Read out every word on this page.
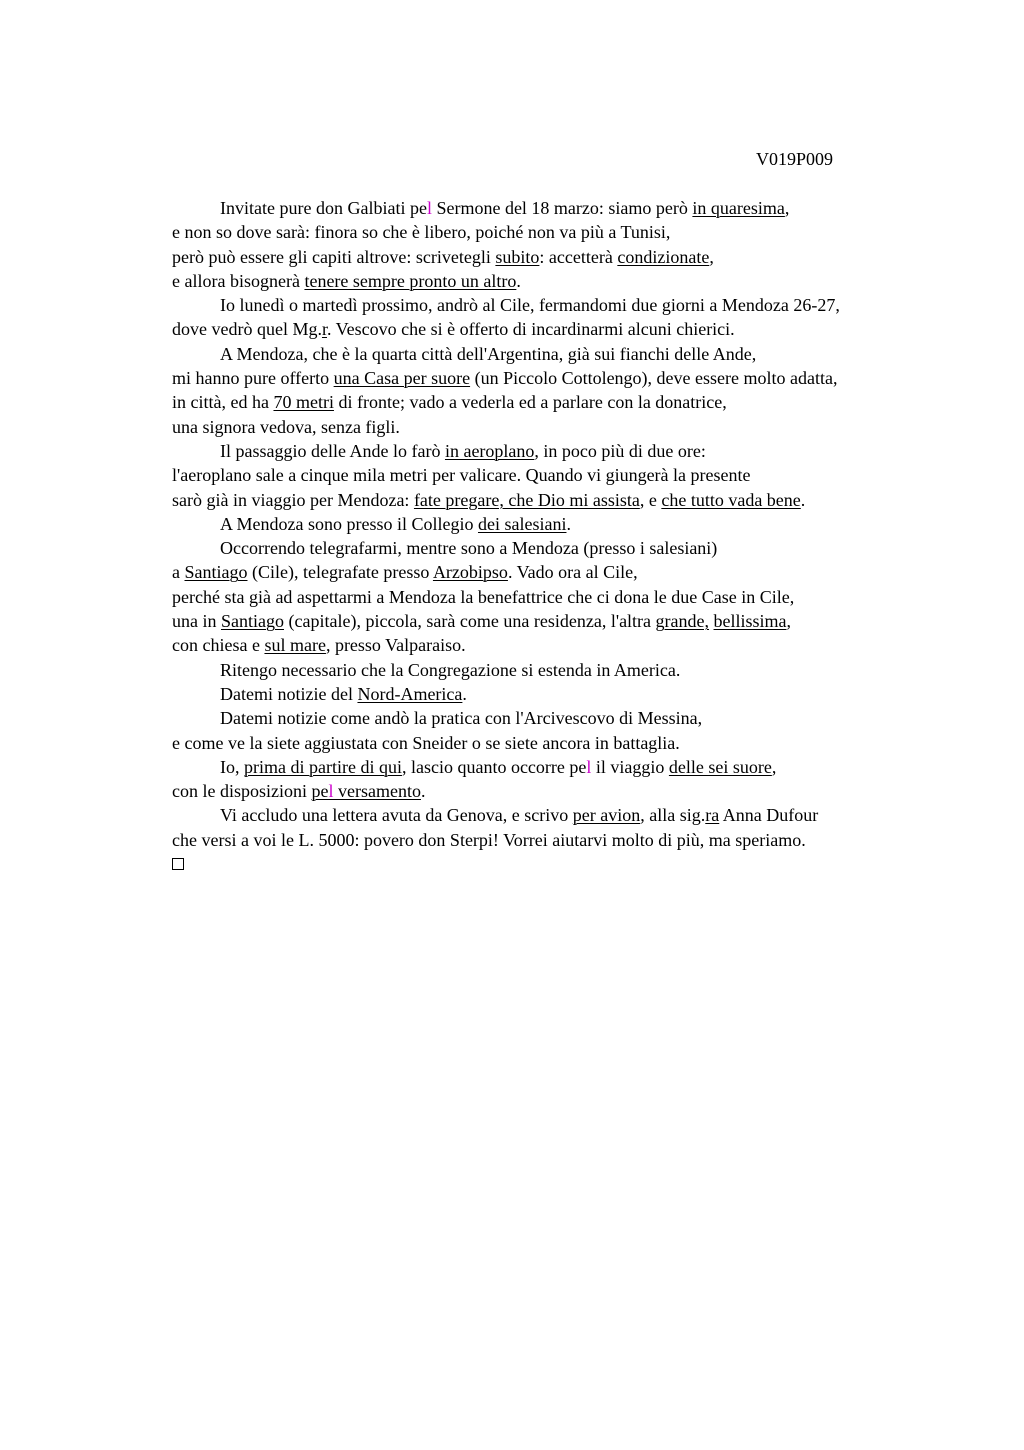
V019P009
Invitate pure don Galbiati pel Sermone del 18 marzo: siamo però in quaresima,
e non so dove sarà: finora so che è libero, poiché non va più a Tunisi,
però può essere gli capiti altrove: scrivetegli subito: accetterà condizionate,
e allora bisognerà tenere sempre pronto un altro.
Io lunedì o martedì prossimo, andrò al Cile, fermandomi due giorni a Mendoza 26-27,
dove vedrò quel Mg.r. Vescovo che si è offerto di incardinarmi alcuni chierici.
A Mendoza, che è la quarta città dell'Argentina, già sui fianchi delle Ande,
mi hanno pure offerto una Casa per suore (un Piccolo Cottolengo), deve essere molto adatta,
in città, ed ha 70 metri di fronte; vado a vederla ed a parlare con la donatrice,
una signora vedova, senza figli.
Il passaggio delle Ande lo farò in aeroplano, in poco più di due ore:
l'aeroplano sale a cinque mila metri per valicare. Quando vi giungerà la presente
sarò già in viaggio per Mendoza: fate pregare, che Dio mi assista, e che tutto vada bene.
A Mendoza sono presso il Collegio dei salesiani.
Occorrendo telegrafarmi, mentre sono a Mendoza (presso i salesiani)
a Santiago (Cile), telegrafate presso Arzobipso. Vado ora al Cile,
perché sta già ad aspettarmi a Mendoza la benefattrice che ci dona le due Case in Cile,
una in Santiago (capitale), piccola, sarà come una residenza, l'altra grande, bellissima,
con chiesa e sul mare, presso Valparaiso.
Ritengo necessario che la Congregazione si estenda in America.
Datemi notizie del Nord-America.
Datemi notizie come andò la pratica con l'Arcivescovo di Messina,
e come ve la siete aggiustata con Sneider o se siete ancora in battaglia.
Io, prima di partire di qui, lascio quanto occorre pel il viaggio delle sei suore,
con le disposizioni pel versamento.
Vi accludo una lettera avuta da Genova, e scrivo per avion, alla sig.ra Anna Dufour
che versi a voi le L. 5000: povero don Sterpi! Vorrei aiutarvi molto di più, ma speriamo.
